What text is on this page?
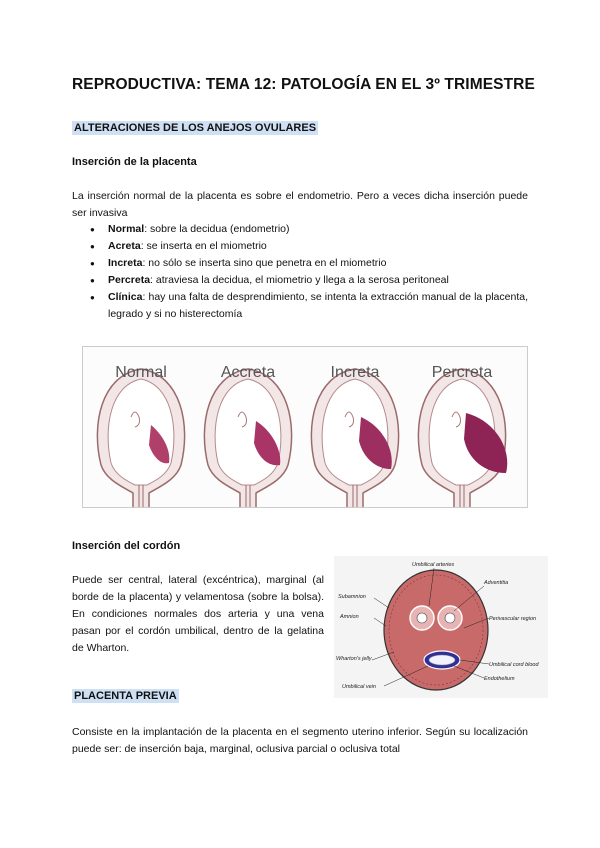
REPRODUCTIVA: TEMA 12: PATOLOGÍA EN EL 3º TRIMESTRE
ALTERACIONES DE LOS ANEJOS OVULARES
Inserción de la placenta
La inserción normal de la placenta es sobre el endometrio. Pero a veces dicha inserción puede ser invasiva
● Normal: sobre la decidua (endometrio)
● Acreta: se inserta en el miometrio
● Increta: no sólo se inserta sino que penetra en el miometrio
● Percreta: atraviesa la decidua, el miometrio y llega a la serosa peritoneal
● Clínica: hay una falta de desprendimiento, se intenta la extracción manual de la placenta, legrado y si no histerectomía
Normal	Accreta	Increta	Percreta
Inserción del cordón
Puede ser central, lateral (excéntrica), marginal (al borde de la placenta) y velamentosa (sobre la bolsa). En condiciones normales dos arteria y una vena pasan por el cordón umbilical, dentro de la gelatina de Wharton.
Umbilical arteries
Adventitia
Subamnion
Amnion	Perivascular region
Wharton's jelly
Umbilical cord blood
Endothelium
Umbilical vein
PLACENTA PREVIA
Consiste en la implantación de la placenta en el segmento uterino inferior. Según su localización puede ser: de inserción baja, marginal, oclusiva parcial o oclusiva total
